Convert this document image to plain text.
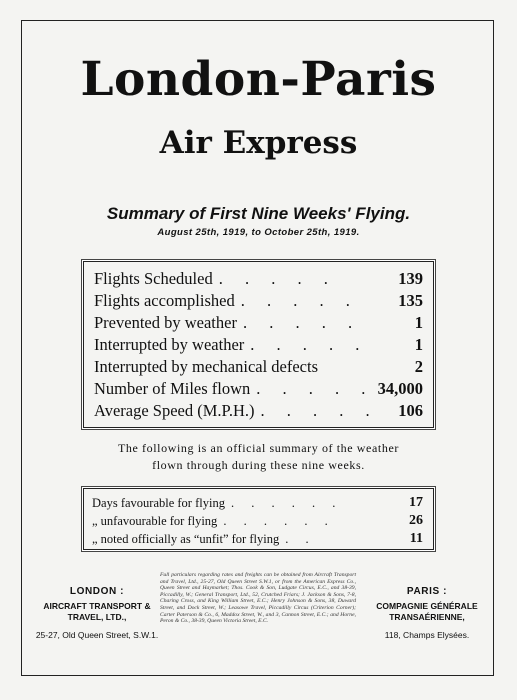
London-Paris
Air Express
Summary of First Nine Weeks' Flying.
August 25th, 1919, to October 25th, 1919.
Flights Scheduled . . . . .	139
Flights accomplished . . . . .	135
Prevented by weather . . . . .	1
Interrupted by weather . . . . .	1
Interrupted by mechanical defects	2
Number of Miles flown . . . . . 34,000
Average Speed (M.P.H.) . . . . .	106
The following is an official summary of the weather flown through during these nine weeks.
Days favourable for flying . . . . . .	17
„ unfavourable for flying . . . . . .	26
„ noted officially as “unfit” for flying . .	11
LONDON :
AIRCRAFT TRANSPORT &
TRAVEL, LTD.,
25-27, Old Queen Street, S.W.1.
Full particulars regarding rates and freights can be obtained from Aircraft Transport and Travel, Ltd., 25-27, Old Queen Street S.W.1, or from the American Express Co., Queen Street and Haymarket; Thos. Cook & Son, Ludgate Circus, E.C., and 38-39, Piccadilly, W.; General Transport, Ltd., 52, Crutched Friars; J. Jackson & Sons, 7-8, Charing Cross, and King William Street, E.C.; Henry Johnson & Sons, 38, Duward Street, and Dock Street, W.; Leasowe Travel, Piccadilly Circus (Criterion Corner); Carter Paterson & Co., 6, Maddox Street, W., and 3, Cannon Street, E.C.; and Horne, Peron & Co., 38-39, Queen Victoria Street, E.C.
PARIS :
COMPAGNIE GÉNÉRALE
TRANSAÉRIENNE,
118, Champs Elysées.
